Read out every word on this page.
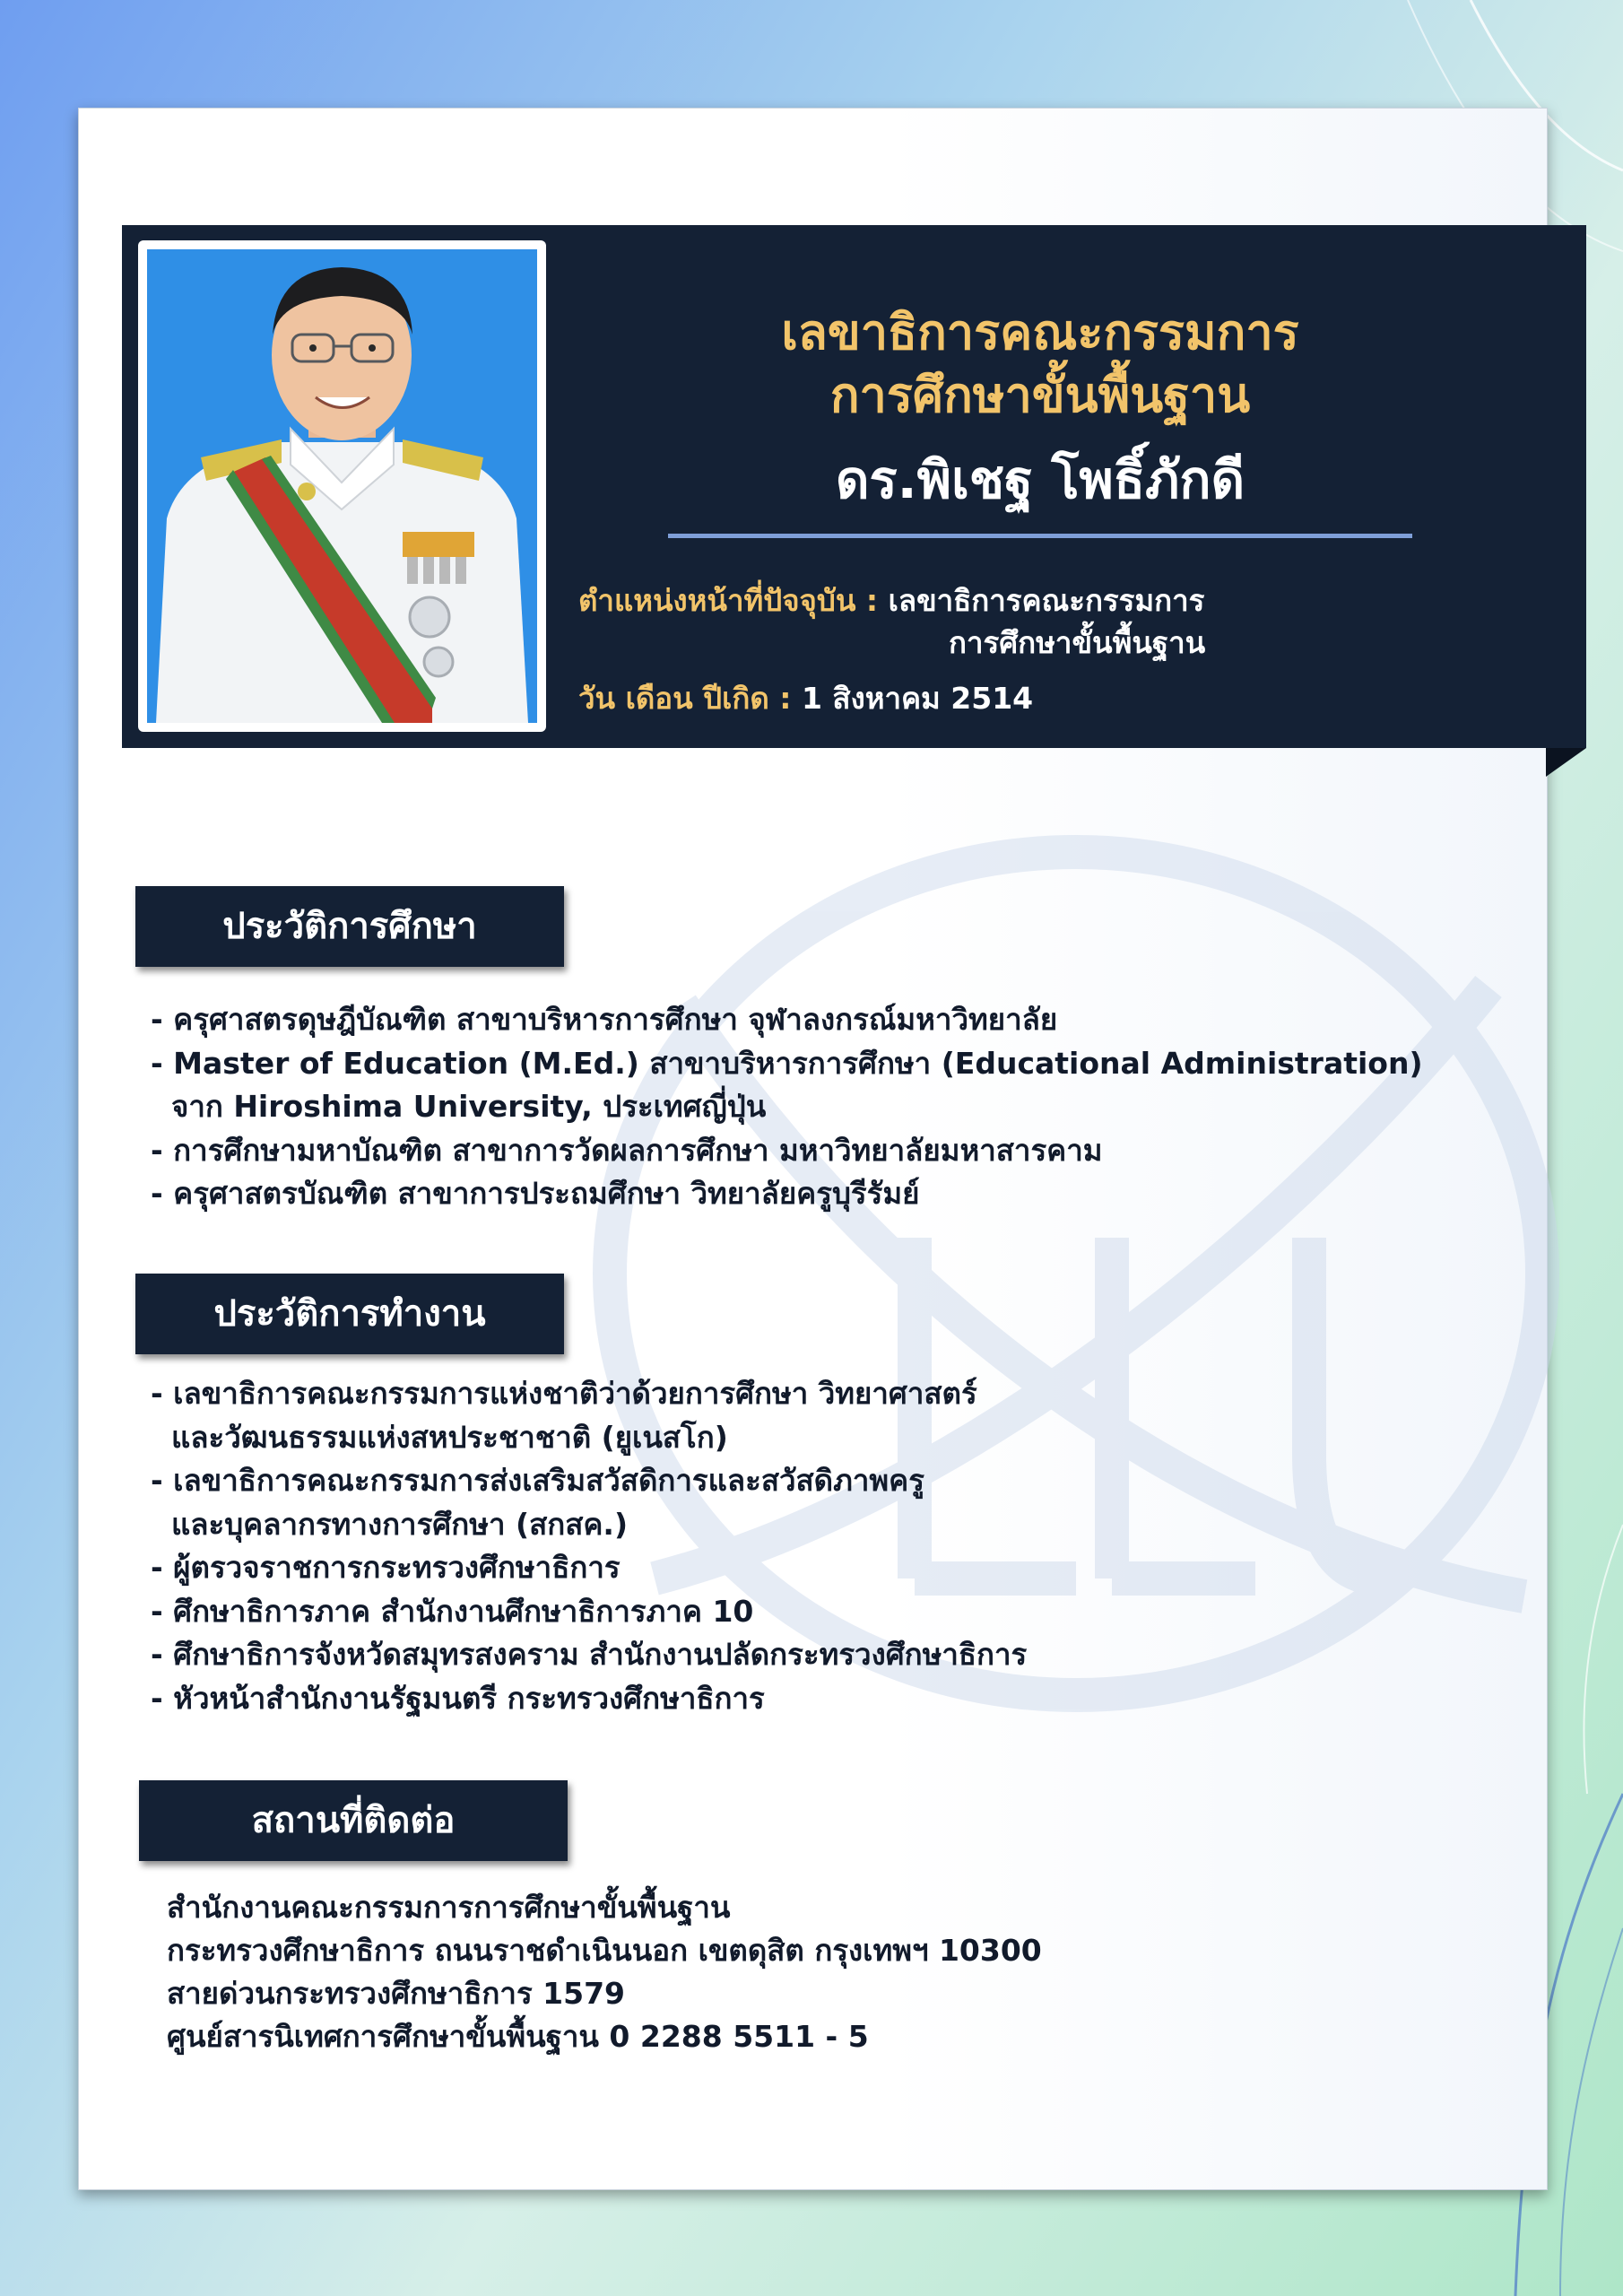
เลขาธิการคณะกรรมการ
การศึกษาขั้นพื้นฐาน
ดร.พิเชฐ โพธิ์ภักดี
ตำแหน่งหน้าที่ปัจจุบัน : เลขาธิการคณะกรรมการ
การศึกษาขั้นพื้นฐาน
วัน เดือน ปีเกิด : 1 สิงหาคม 2514
ประวัติการศึกษา
- ครุศาสตรดุษฎีบัณฑิต สาขาบริหารการศึกษา จุฬาลงกรณ์มหาวิทยาลัย
- Master of Education (M.Ed.) สาขาบริหารการศึกษา (Educational Administration)
จาก Hiroshima University, ประเทศญี่ปุ่น
- การศึกษามหาบัณฑิต สาขาการวัดผลการศึกษา มหาวิทยาลัยมหาสารคาม
- ครุศาสตรบัณฑิต สาขาการประถมศึกษา วิทยาลัยครูบุรีรัมย์
ประวัติการทำงาน
- เลขาธิการคณะกรรมการแห่งชาติว่าด้วยการศึกษา วิทยาศาสตร์
และวัฒนธรรมแห่งสหประชาชาติ (ยูเนสโก)
- เลขาธิการคณะกรรมการส่งเสริมสวัสดิการและสวัสดิภาพครู
และบุคลากรทางการศึกษา (สกสค.)
- ผู้ตรวจราชการกระทรวงศึกษาธิการ
- ศึกษาธิการภาค สำนักงานศึกษาธิการภาค 10
- ศึกษาธิการจังหวัดสมุทรสงคราม สำนักงานปลัดกระทรวงศึกษาธิการ
- หัวหน้าสำนักงานรัฐมนตรี กระทรวงศึกษาธิการ
สถานที่ติดต่อ
สำนักงานคณะกรรมการการศึกษาขั้นพื้นฐาน
กระทรวงศึกษาธิการ ถนนราชดำเนินนอก เขตดุสิต กรุงเทพฯ 10300
สายด่วนกระทรวงศึกษาธิการ 1579
ศูนย์สารนิเทศการศึกษาขั้นพื้นฐาน 0 2288 5511 - 5
